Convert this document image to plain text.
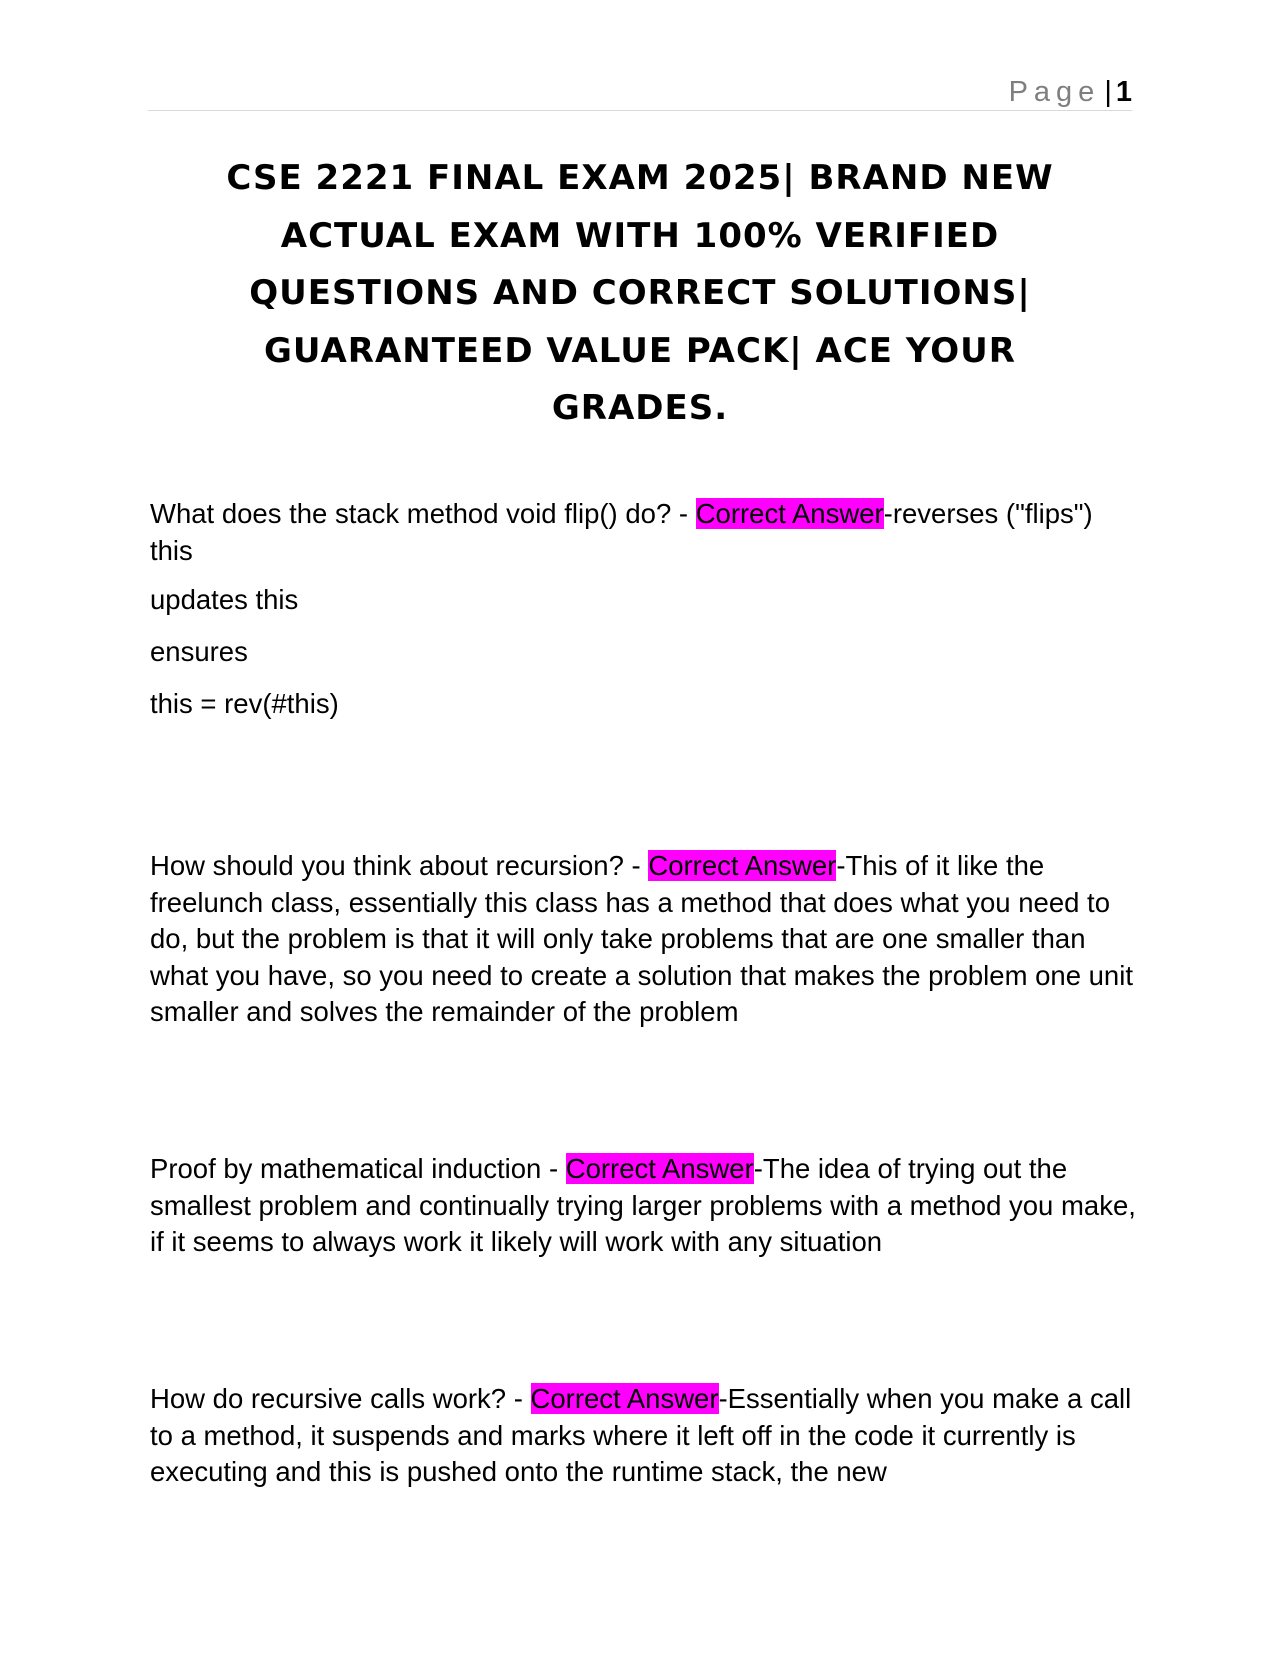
Page | 1
CSE 2221 FINAL EXAM 2025| BRAND NEW ACTUAL EXAM WITH 100% VERIFIED QUESTIONS AND CORRECT SOLUTIONS| GUARANTEED VALUE PACK| ACE YOUR GRADES.

What does the stack method void flip() do? - Correct Answer-reverses ("flips") this

updates this

ensures

this = rev(#this)

How should you think about recursion? - Correct Answer-This of it like the freelunch class, essentially this class has a method that does what you need to do, but the problem is that it will only take problems that are one smaller than what you have, so you need to create a solution that makes the problem one unit smaller and solves the remainder of the problem

Proof by mathematical induction - Correct Answer-The idea of trying out the smallest problem and continually trying larger problems with a method you make, if it seems to always work it likely will work with any situation

How do recursive calls work? - Correct Answer-Essentially when you make a call to a method, it suspends and marks where it left off in the code it currently is executing and this is pushed onto the runtime stack, the new
